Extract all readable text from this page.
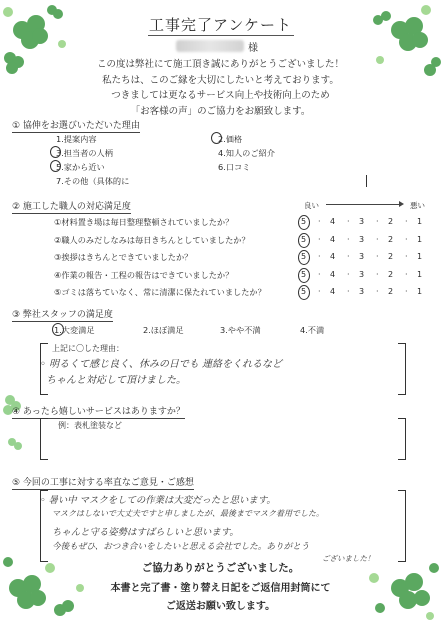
工事完了アンケート
様
この度は弊社にて施工頂き誠にありがとうございました！
私たちは、このご縁を大切にしたいと考えております。
つきましては更なるサービス向上や技術向上のため
「お客様の声」のご協力をお願致します。
① 協伸をお選びいただいた理由
1.提案内容	2.価格
3.担当者の人柄	4.知人のご紹介
5.家から近い	6.口コミ
7.その他（具体的に
② 施工した職人の対応満足度	良い	悪い
①材料置き場は毎日整理整頓されていましたか？	5 · 4 · 3 · 2 · 1
②職人のみだしなみは毎日きちんとしていましたか？	5 · 4 · 3 · 2 · 1
③挨拶はきちんとできていましたか？	5 · 4 · 3 · 2 · 1
④作業の報告・工程の報告はできていましたか？	5 · 4 · 3 · 2 · 1
⑤ゴミは落ちていなく、常に清潔に保たれていましたか？	5 · 4 · 3 · 2 · 1
③ 弊社スタッフの満足度
1.大変満足	2.ほぼ満足	3.やや不満	4.不満
上記に〇した理由：
◦ 明るくて感じ良く、休みの日でも 連絡をくれるなど
ちゃんと対応して頂けました。
④ あったら嬉しいサービスはありますか？
例：表札塗装など
⑤ 今回の工事に対する率直なご意見・ご感想
◦ 暑い中 マスクをしての作業は大変だったと思います。
マスクはしないで大丈夫ですと申しましたが、最後までマスク着用でした。
ちゃんと守る姿勢はすばらしいと思います。
今後もぜひ、おつき合いをしたいと思える会社でした。ありがとう
ございました！
ご協力ありがとうございました。
本書と完了書・塗り替え日記をご返信用封筒にて
ご返送お願い致します。
